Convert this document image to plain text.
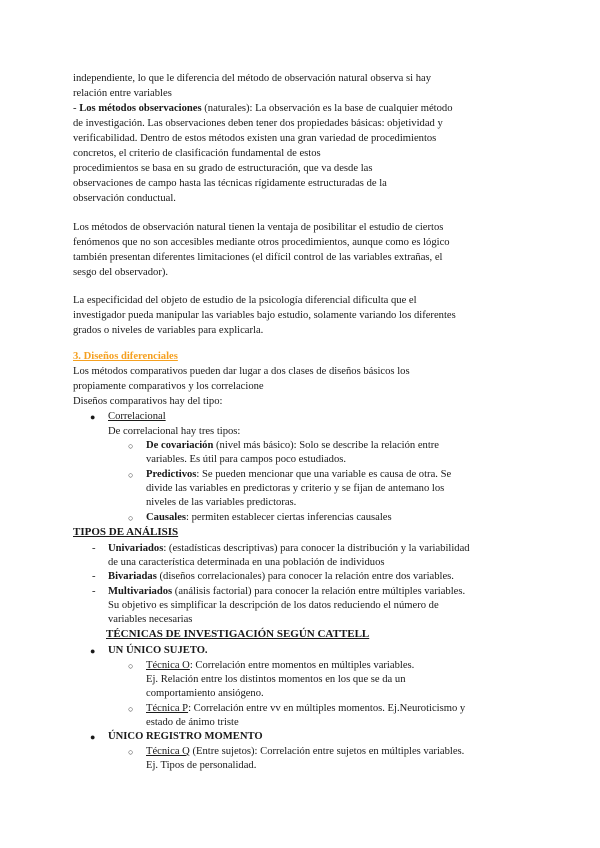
independiente, lo que le diferencia del método de observación natural observa si hay
relación entre variables
- Los métodos observaciones (naturales): La observación es la base de cualquier método
de investigación. Las observaciones deben tener dos propiedades básicas: objetividad y
verificabilidad. Dentro de estos métodos existen una gran variedad de procedimientos
concretos, el criterio de clasificación fundamental de estos
procedimientos se basa en su grado de estructuración, que va desde las
observaciones de campo hasta las técnicas rígidamente estructuradas de la
observación conductual.
Los métodos de observación natural tienen la ventaja de posibilitar el estudio de ciertos
fenómenos que no son accesibles mediante otros procedimientos, aunque como es lógico
también presentan diferentes limitaciones (el difícil control de las variables extrañas, el
sesgo del observador).
La especificidad del objeto de estudio de la psicología diferencial dificulta que el
investigador pueda manipular las variables bajo estudio, solamente variando los diferentes
grados o niveles de variables para explicarla.
3. Diseños diferenciales
Los métodos comparativos pueden dar lugar a dos clases de diseños básicos los
propiamente comparativos y los correlacione
Diseños comparativos hay del tipo:
● Correlacional
De correlacional hay tres tipos:
○ De covariación (nivel más básico): Solo se describe la relación entre
variables. Es útil para campos poco estudiados.
○ Predictivos: Se pueden mencionar que una variable es causa de otra. Se
divide las variables en predictoras y criterio y se fijan de antemano los
niveles de las variables predictoras.
○ Causales: permiten establecer ciertas inferencias causales
TIPOS DE ANÁLISIS
- Univariados: (estadísticas descriptivas) para conocer la distribución y la variabilidad
de una característica determinada en una población de individuos
- Bivariadas (diseños correlacionales) para conocer la relación entre dos variables.
- Multivariados (análisis factorial) para conocer la relación entre múltiples variables.
Su objetivo es simplificar la descripción de los datos reduciendo el número de
variables necesarias
TÉCNICAS DE INVESTIGACIÓN SEGÚN CATTELL
● UN ÚNICO SUJETO.
○ Técnica O: Correlación entre momentos en múltiples variables.
Ej. Relación entre los distintos momentos en los que se da un
comportamiento ansiógeno.
○ Técnica P: Correlación entre vv en múltiples momentos. Ej.Neuroticismo y
estado de ánimo triste
● ÚNICO REGISTRO MOMENTO
○ Técnica Q (Entre sujetos): Correlación entre sujetos en múltiples variables.
Ej. Tipos de personalidad.
